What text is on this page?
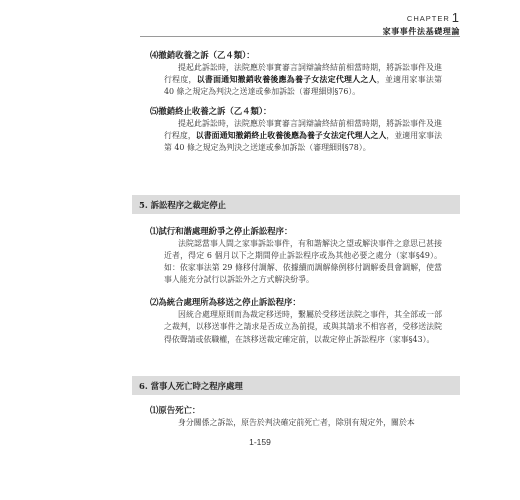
CHAPTER 1
家事事件法基礎理論
⑷撤銷收養之訴（乙４類）：
提起此訴訟時，法院應於事實審言詞辯論終結前相當時期，將訴訟事件及進行程度，以書面通知撤銷收養後應為養子女法定代理人之人，並適用家事法第 40 條之規定為判決之送達或參加訴訟（審理細則§76）。
⑸撤銷終止收養之訴（乙４類）：
提起此訴訟時，法院應於事實審言詞辯論終結前相當時期，將訴訟事件及進行程度，以書面通知撤銷終止收養後應為養子女法定代理人之人，並適用家事法第 40 條之規定為判決之送達或參加訴訟（審理細則§78）。
5. 訴訟程序之裁定停止
⑴試行和諧處理紛爭之停止訴訟程序：
法院認當事人間之家事訴訟事件，有和諧解決之望或解決事件之意思已甚接近者，得定 6 個月以下之期間停止訴訟程序或為其他必要之處分（家事§49）。如：依家事法第 29 條移付調解、依據續而調解條例移付調解委員會調解，使當事人能充分試行以訴訟外之方式解決紛爭。
⑵為統合處理所為移送之停止訴訟程序：
因統合處理原則而為裁定移送時，繫屬於受移送法院之事件，其全部或一部之裁判，以移送事件之請求是否成立為前提，或與其請求不相容者，受移送法院得依聲請或依職權，在該移送裁定確定前，以裁定停止訴訟程序（家事§43）。
6. 當事人死亡時之程序處理
⑴原告死亡：
身分關係之訴訟，原告於判決確定前死亡者，除別有規定外，關於本
1-159
